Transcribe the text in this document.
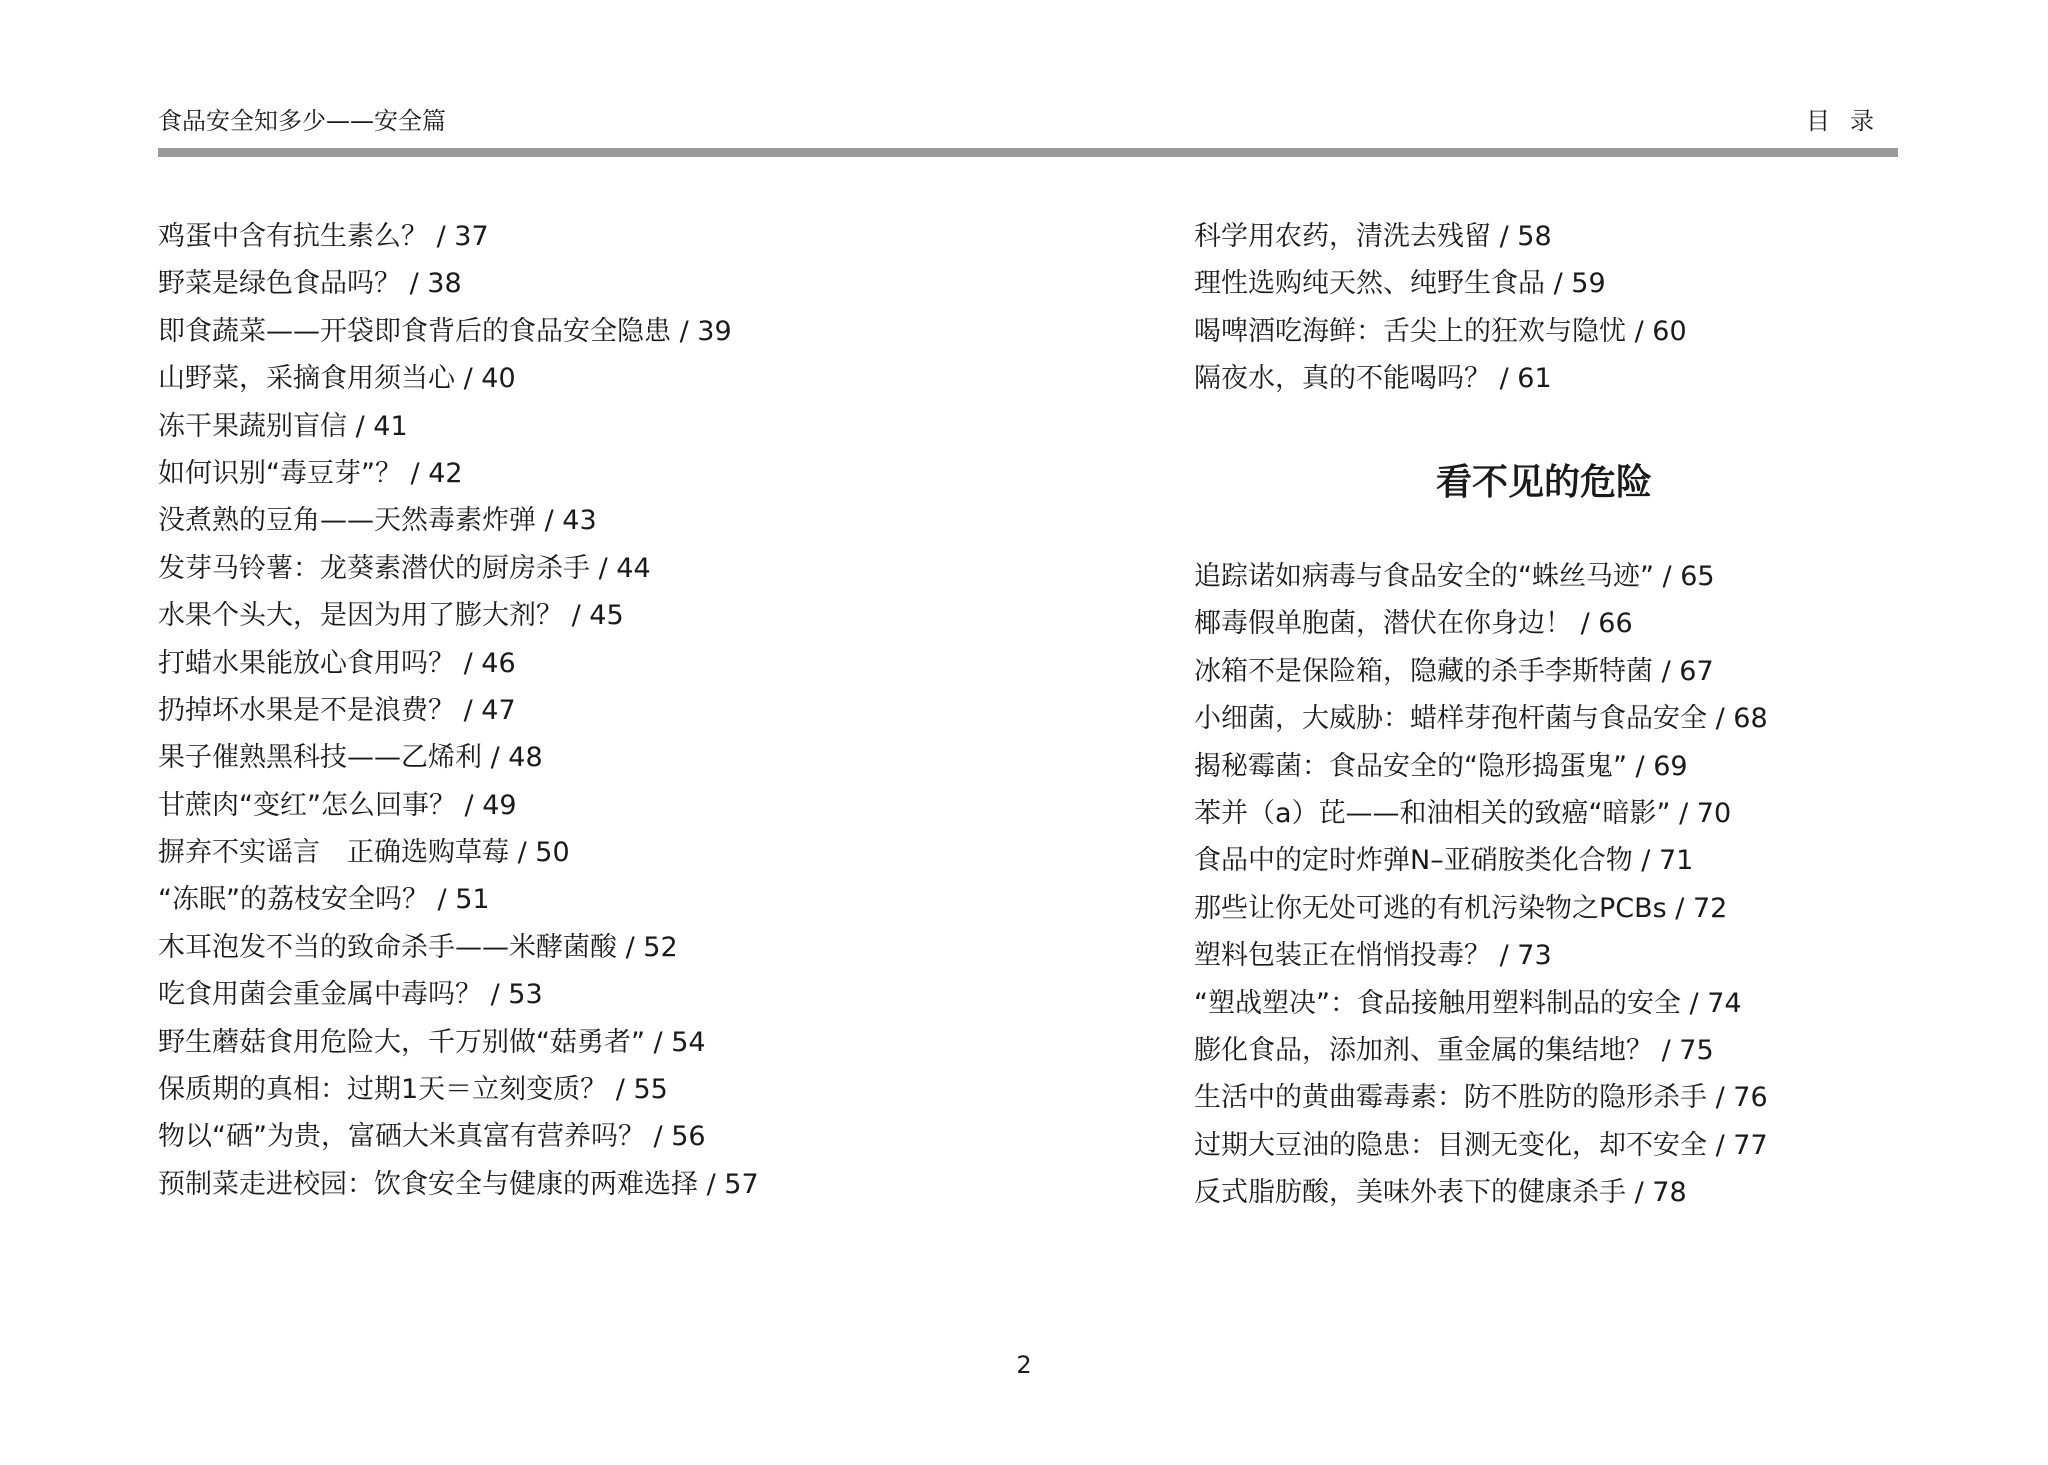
食品安全知多少——安全篇	目录
鸡蛋中含有抗生素么？ / 37
野菜是绿色食品吗？ / 38
即食蔬菜——开袋即食背后的食品安全隐患 / 39
山野菜，采摘食用须当心 / 40
冻干果蔬别盲信 / 41
如何识别“毒豆芽”？ / 42
没煮熟的豆角——天然毒素炸弹 / 43
发芽马铃薯：龙葵素潜伏的厨房杀手 / 44
水果个头大，是因为用了膨大剂？ / 45
打蜡水果能放心食用吗？ / 46
扔掉坏水果是不是浪费？ / 47
果子催熟黑科技——乙烯利 / 48
甘蔗肉“变红”怎么回事？ / 49
摒弃不实谣言　正确选购草莓 / 50
“冻眠”的荔枝安全吗？ / 51
木耳泡发不当的致命杀手——米酵菌酸 / 52
吃食用菌会重金属中毒吗？ / 53
野生蘑菇食用危险大，千万别做“菇勇者” / 54
保质期的真相：过期1天＝立刻变质？ / 55
物以“硒”为贵，富硒大米真富有营养吗？ / 56
预制菜走进校园：饮食安全与健康的两难选择 / 57
科学用农药，清洗去残留 / 58
理性选购纯天然、纯野生食品 / 59
喝啤酒吃海鲜：舌尖上的狂欢与隐忧 / 60
隔夜水，真的不能喝吗？ / 61
看不见的危险
追踪诺如病毒与食品安全的“蛛丝马迹” / 65
椰毒假单胞菌，潜伏在你身边！ / 66
冰箱不是保险箱，隐藏的杀手李斯特菌 / 67
小细菌，大威胁：蜡样芽孢杆菌与食品安全 / 68
揭秘霉菌：食品安全的“隐形捣蛋鬼” / 69
苯并（a）芘——和油相关的致癌“暗影” / 70
食品中的定时炸弹N–亚硝胺类化合物 / 71
那些让你无处可逃的有机污染物之PCBs / 72
塑料包装正在悄悄投毒？ / 73
“塑战塑决”：食品接触用塑料制品的安全 / 74
膨化食品，添加剂、重金属的集结地？ / 75
生活中的黄曲霉毒素：防不胜防的隐形杀手 / 76
过期大豆油的隐患：目测无变化，却不安全 / 77
反式脂肪酸，美味外表下的健康杀手 / 78
2
